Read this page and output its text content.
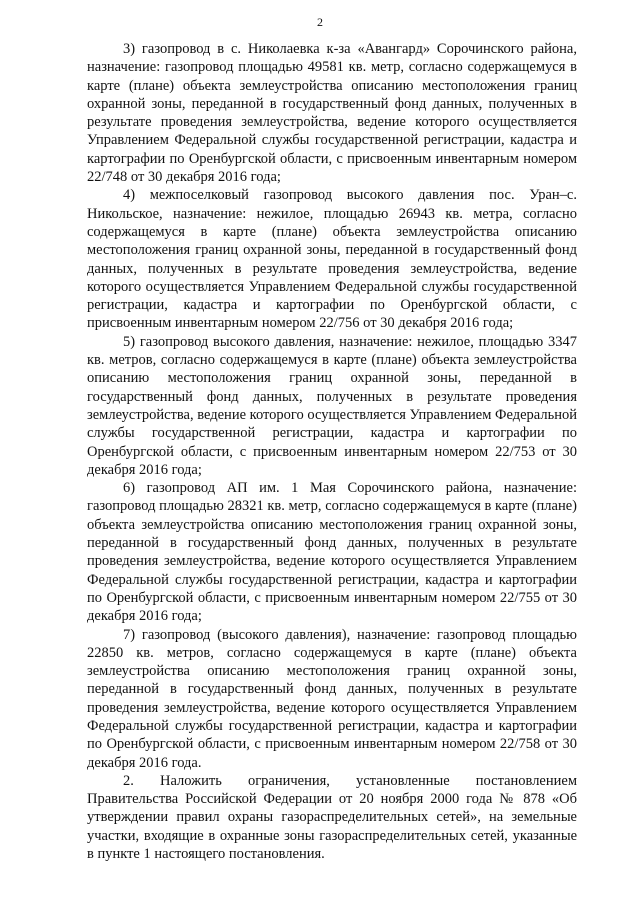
2

3) газопровод в с. Николаевка к-за «Авангард» Сорочинского района, назначение: газопровод площадью 49581 кв. метр, согласно содержащемуся в карте (плане) объекта землеустройства описанию местоположения границ охранной зоны, переданной в государственный фонд данных, полученных в результате проведения землеустройства, ведение которого осуществляется Управлением Федеральной службы государственной регистрации, кадастра и картографии по Оренбургской области, с присвоенным инвентарным номером 22/748 от 30 декабря 2016 года;

4) межпоселковый газопровод высокого давления пос. Уран–с. Никольское, назначение: нежилое, площадью 26943 кв. метра, согласно содержащемуся в карте (плане) объекта землеустройства описанию местоположения границ охранной зоны, переданной в государственный фонд данных, полученных в результате проведения землеустройства, ведение которого осуществляется Управлением Федеральной службы государственной регистрации, кадастра и картографии по Оренбургской области, с присвоенным инвентарным номером 22/756 от 30 декабря 2016 года;

5) газопровод высокого давления, назначение: нежилое, площадью 3347 кв. метров, согласно содержащемуся в карте (плане) объекта землеустройства описанию местоположения границ охранной зоны, переданной в государственный фонд данных, полученных в результате проведения землеустройства, ведение которого осуществляется Управлением Федеральной службы государственной регистрации, кадастра и картографии по Оренбургской области, с присвоенным инвентарным номером 22/753 от 30 декабря 2016 года;

6) газопровод АП им. 1 Мая Сорочинского района, назначение: газопровод площадью 28321 кв. метр, согласно содержащемуся в карте (плане) объекта землеустройства описанию местоположения границ охранной зоны, переданной в государственный фонд данных, полученных в результате проведения землеустройства, ведение которого осуществляется Управлением Федеральной службы государственной регистрации, кадастра и картографии по Оренбургской области, с присвоенным инвентарным номером 22/755 от 30 декабря 2016 года;

7) газопровод (высокого давления), назначение: газопровод площадью 22850 кв. метров, согласно содержащемуся в карте (плане) объекта землеустройства описанию местоположения границ охранной зоны, переданной в государственный фонд данных, полученных в результате проведения землеустройства, ведение которого осуществляется Управлением Федеральной службы государственной регистрации, кадастра и картографии по Оренбургской области, с присвоенным инвентарным номером 22/758 от 30 декабря 2016 года.

2. Наложить ограничения, установленные постановлением Правительства Российской Федерации от 20 ноября 2000 года № 878 «Об утверждении правил охраны газораспределительных сетей», на земельные участки, входящие в охранные зоны газораспределительных сетей, указанные в пункте 1 настоящего постановления.
